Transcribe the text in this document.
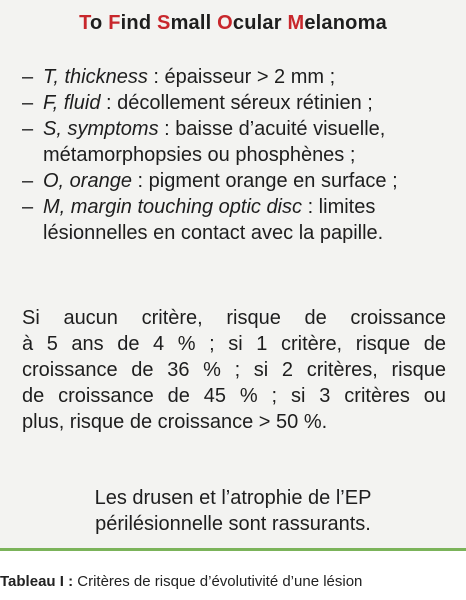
To Find Small Ocular Melanoma
– T, thickness : épaisseur > 2 mm ;
– F, fluid : décollement séreux rétinien ;
– S, symptoms : baisse d’acuité visuelle, métamorphopsies ou phosphènes ;
– O, orange : pigment orange en surface ;
– M, margin touching optic disc : limites lésionnelles en contact avec la papille.
Si aucun critère, risque de croissance
à 5 ans de 4 % ; si 1 critère, risque de
croissance de 36 % ; si 2 critères, risque
de croissance de 45 % ; si 3 critères ou
plus, risque de croissance > 50 %.
Les drusen et l’atrophie de l’EP
périlésionnelle sont rassurants.
Tableau I : Critères de risque d’évolutivité d’une lésion
